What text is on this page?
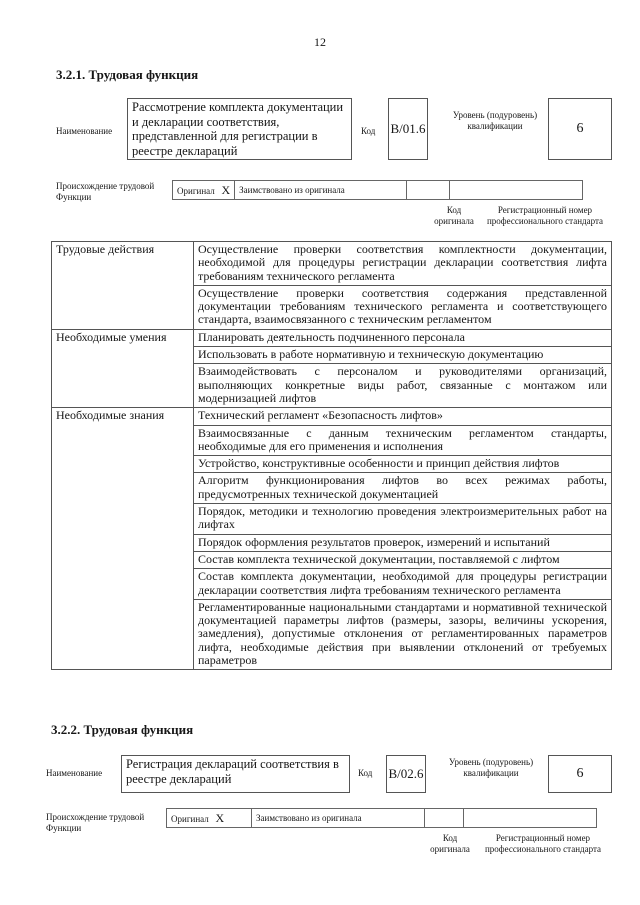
12
3.2.1. Трудовая функция
Наименование
Рассмотрение комплекта документации и декларации соответствия, представленной для регистрации в реестре деклараций
Код В/01.6
Уровень (подуровень) квалификации	6
Происхождение трудовой Функции
Оригинал X	Заимствовано из оригинала		
Код оригинала
Регистрационный номер профессионального стандарта
Трудовые действия	Осуществление проверки соответствия комплектности документации, необходимой для процедуры регистрации декларации соответствия лифта требованиям технического регламента
	Осуществление проверки соответствия содержания представленной документации требованиям технического регламента и соответствующего стандарта, взаимосвязанного с техническим регламентом
Необходимые умения	Планировать деятельность подчиненного персонала
	Использовать в работе нормативную и техническую документацию
	Взаимодействовать с персоналом и руководителями организаций, выполняющих конкретные виды работ, связанные с монтажом или модернизацией лифтов
Необходимые знания	Технический регламент «Безопасность лифтов»
	Взаимосвязанные с данным техническим регламентом стандарты, необходимые для его применения и исполнения
	Устройство, конструктивные особенности и принцип действия лифтов
	Алгоритм функционирования лифтов во всех режимах работы, предусмотренных технической документацией
	Порядок, методики и технологию проведения электроизмерительных работ на лифтах
	Порядок оформления результатов проверок, измерений и испытаний
	Состав комплекта технической документации, поставляемой с лифтом
	Состав комплекта документации, необходимой для процедуры регистрации декларации соответствия лифта требованиям технического регламента
	Регламентированные национальными стандартами и нормативной технической документацией параметры лифтов (размеры, зазоры, величины ускорения, замедления), допустимые отклонения от регламентированных параметров лифта, необходимые действия при выявлении отклонений от требуемых параметров
3.2.2. Трудовая функция
Наименование
Регистрация деклараций соответствия в реестре деклараций	Код В/02.6
Уровень (подуровень) квалификации	6
Происхождение трудовой Функции
Оригинал X	Заимствовано из оригинала		
Код оригинала
Регистрационный номер профессионального стандарта
